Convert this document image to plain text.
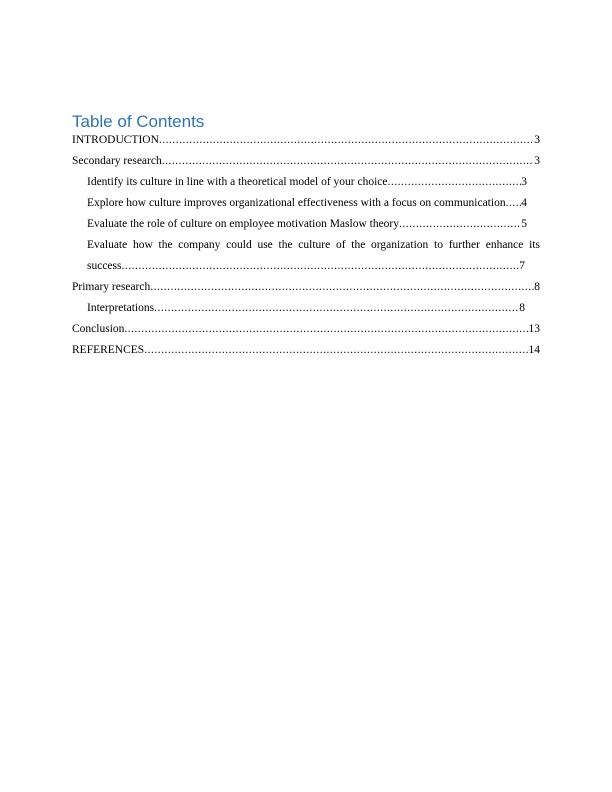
Table of Contents
INTRODUCTION .....	3
Secondary research .....	3
Identify its culture in line with a theoretical model of your choice .....	3
Explore how culture improves organizational effectiveness with a focus on communication ..... 4
Evaluate the role of culture on employee motivation Maslow theory .....	5
Evaluate how the company could use the culture of the organization to further enhance its
success .....	7
Primary research .....	8
Interpretations .....	8
Conclusion .....	13
REFERENCES .....	14
